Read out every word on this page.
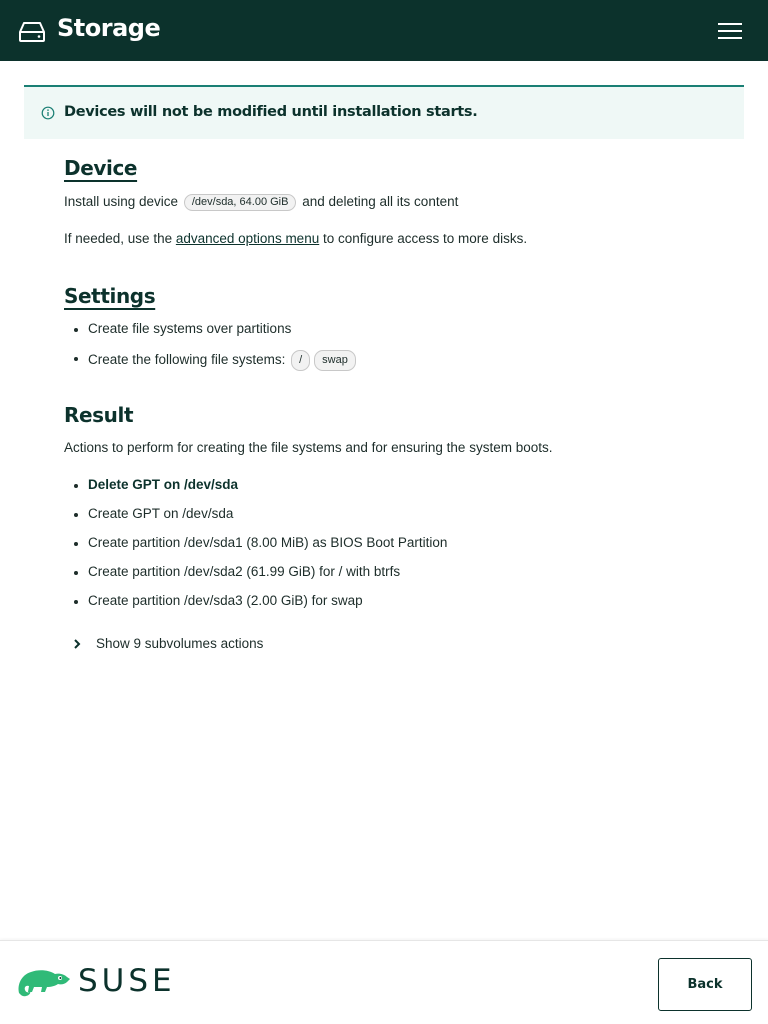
Storage
Devices will not be modified until installation starts.
Device
Install using device /dev/sda, 64.00 GiB and deleting all its content
If needed, use the advanced options menu to configure access to more disks.
Settings
Create file systems over partitions
Create the following file systems: / swap
Result
Actions to perform for creating the file systems and for ensuring the system boots.
Delete GPT on /dev/sda
Create GPT on /dev/sda
Create partition /dev/sda1 (8.00 MiB) as BIOS Boot Partition
Create partition /dev/sda2 (61.99 GiB) for / with btrfs
Create partition /dev/sda3 (2.00 GiB) for swap
Show 9 subvolumes actions
SUSE	Back
